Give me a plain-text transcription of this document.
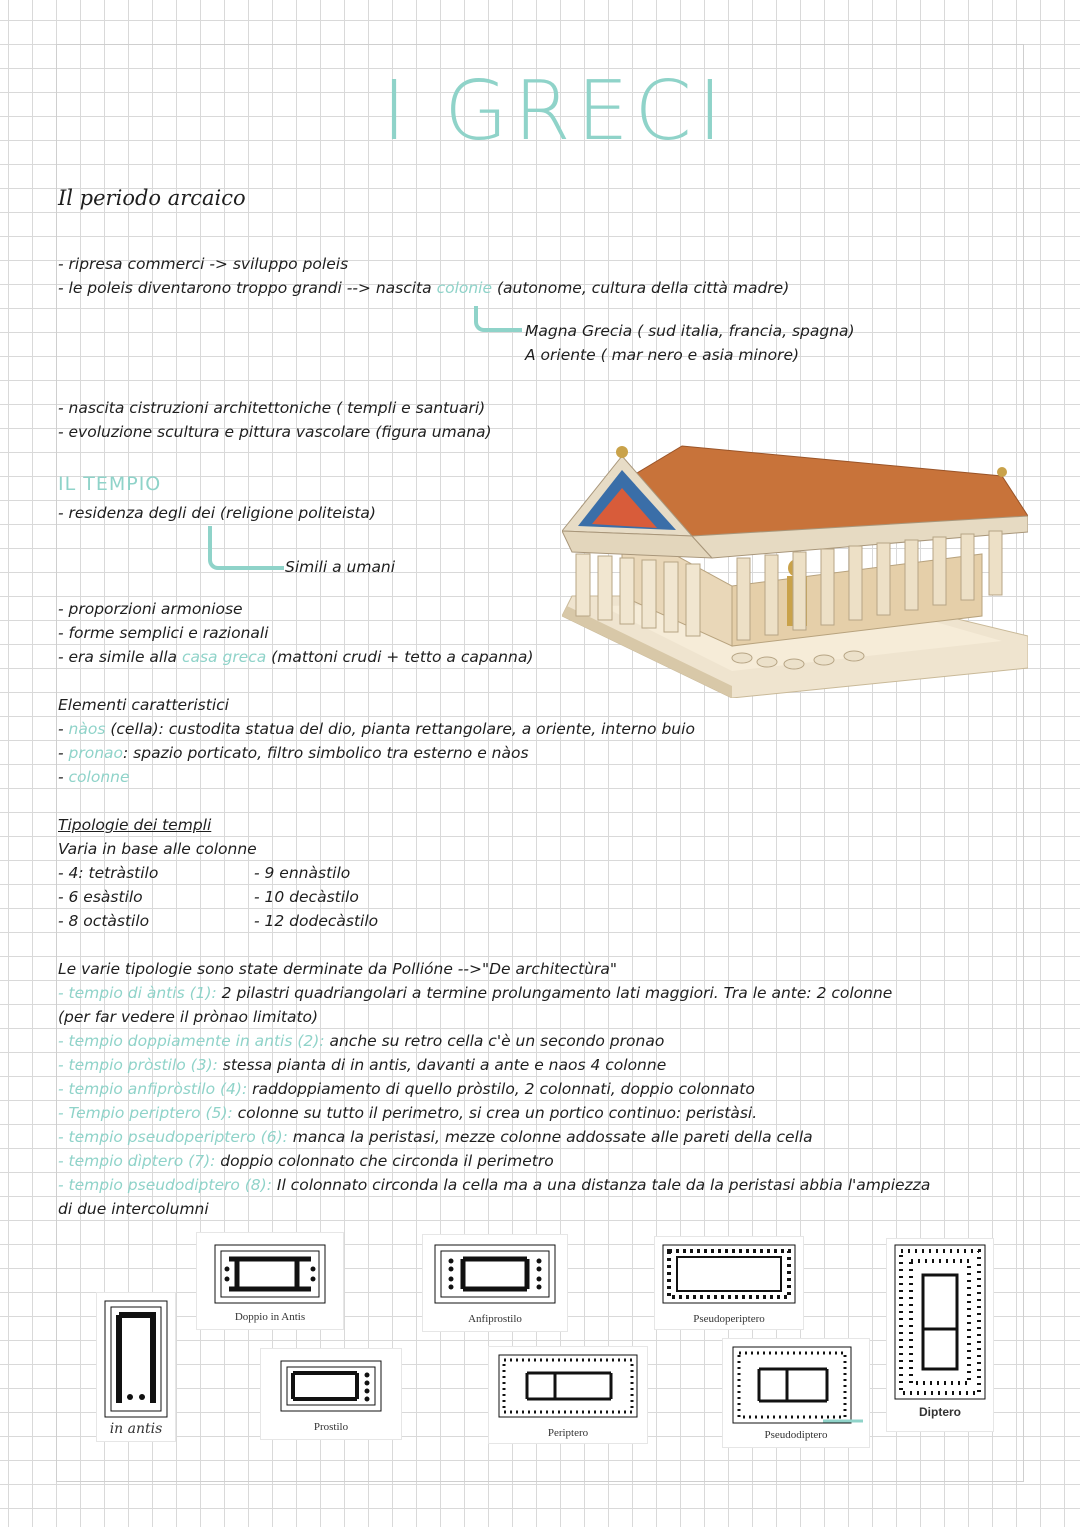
I GRECI
Il periodo arcaico
- ripresa commerci -> sviluppo poleis
- le poleis diventarono troppo grandi --> nascita colonie (autonome, cultura della città madre)
Magna Grecia ( sud italia, francia, spagna)
A oriente ( mar nero e asia minore)
- nascita cistruzioni architettoniche ( templi e santuari)
- evoluzione scultura e pittura vascolare (figura umana)
IL TEMPIO
- residenza degli dei (religione politeista)
Simili a umani
- proporzioni armoniose
- forme semplici e razionali
- era simile alla casa greca (mattoni crudi + tetto a capanna)
Elementi caratteristici
- nàos (cella): custodita statua del dio, pianta rettangolare, a oriente, interno buio
- pronao: spazio porticato, filtro simbolico tra esterno e nàos
- colonne
Tipologie dei templi
Varia in base alle colonne
- 4: tetràstilo
- 6 esàstilo
- 8 octàstilo
- 9 ennàstilo
- 10 decàstilo
- 12 dodecàstilo
Le varie tipologie sono state derminate da Pollióne -->"De architectùra"
- tempio di àntis (1): 2 pilastri quadriangolari a termine prolungamento lati maggiori. Tra le ante: 2 colonne
(per far vedere il prònao limitato)
- tempio doppiamente in antis (2): anche su retro cella c'è un secondo pronao
- tempio pròstilo (3): stessa pianta di in antis, davanti a ante e naos 4 colonne
- tempio anfipròstilo (4): raddoppiamento di quello pròstilo, 2 colonnati, doppio colonnato
- Tempio periptero (5): colonne su tutto il perimetro, si crea un portico continuo: peristàsi.
- tempio pseudoperiptero (6): manca la peristasi, mezze colonne addossate alle pareti della cella
- tempio dìptero (7): doppio colonnato che circonda il perimetro
- tempio pseudodiptero (8): Il colonnato circonda la cella ma a una distanza tale da la peristasi abbia l'ampiezza
di due intercolumni
in antis
Doppio in Antis
Prostilo
Anfiprostilo
Periptero
Pseudoperiptero
Pseudodiptero
Diptero
